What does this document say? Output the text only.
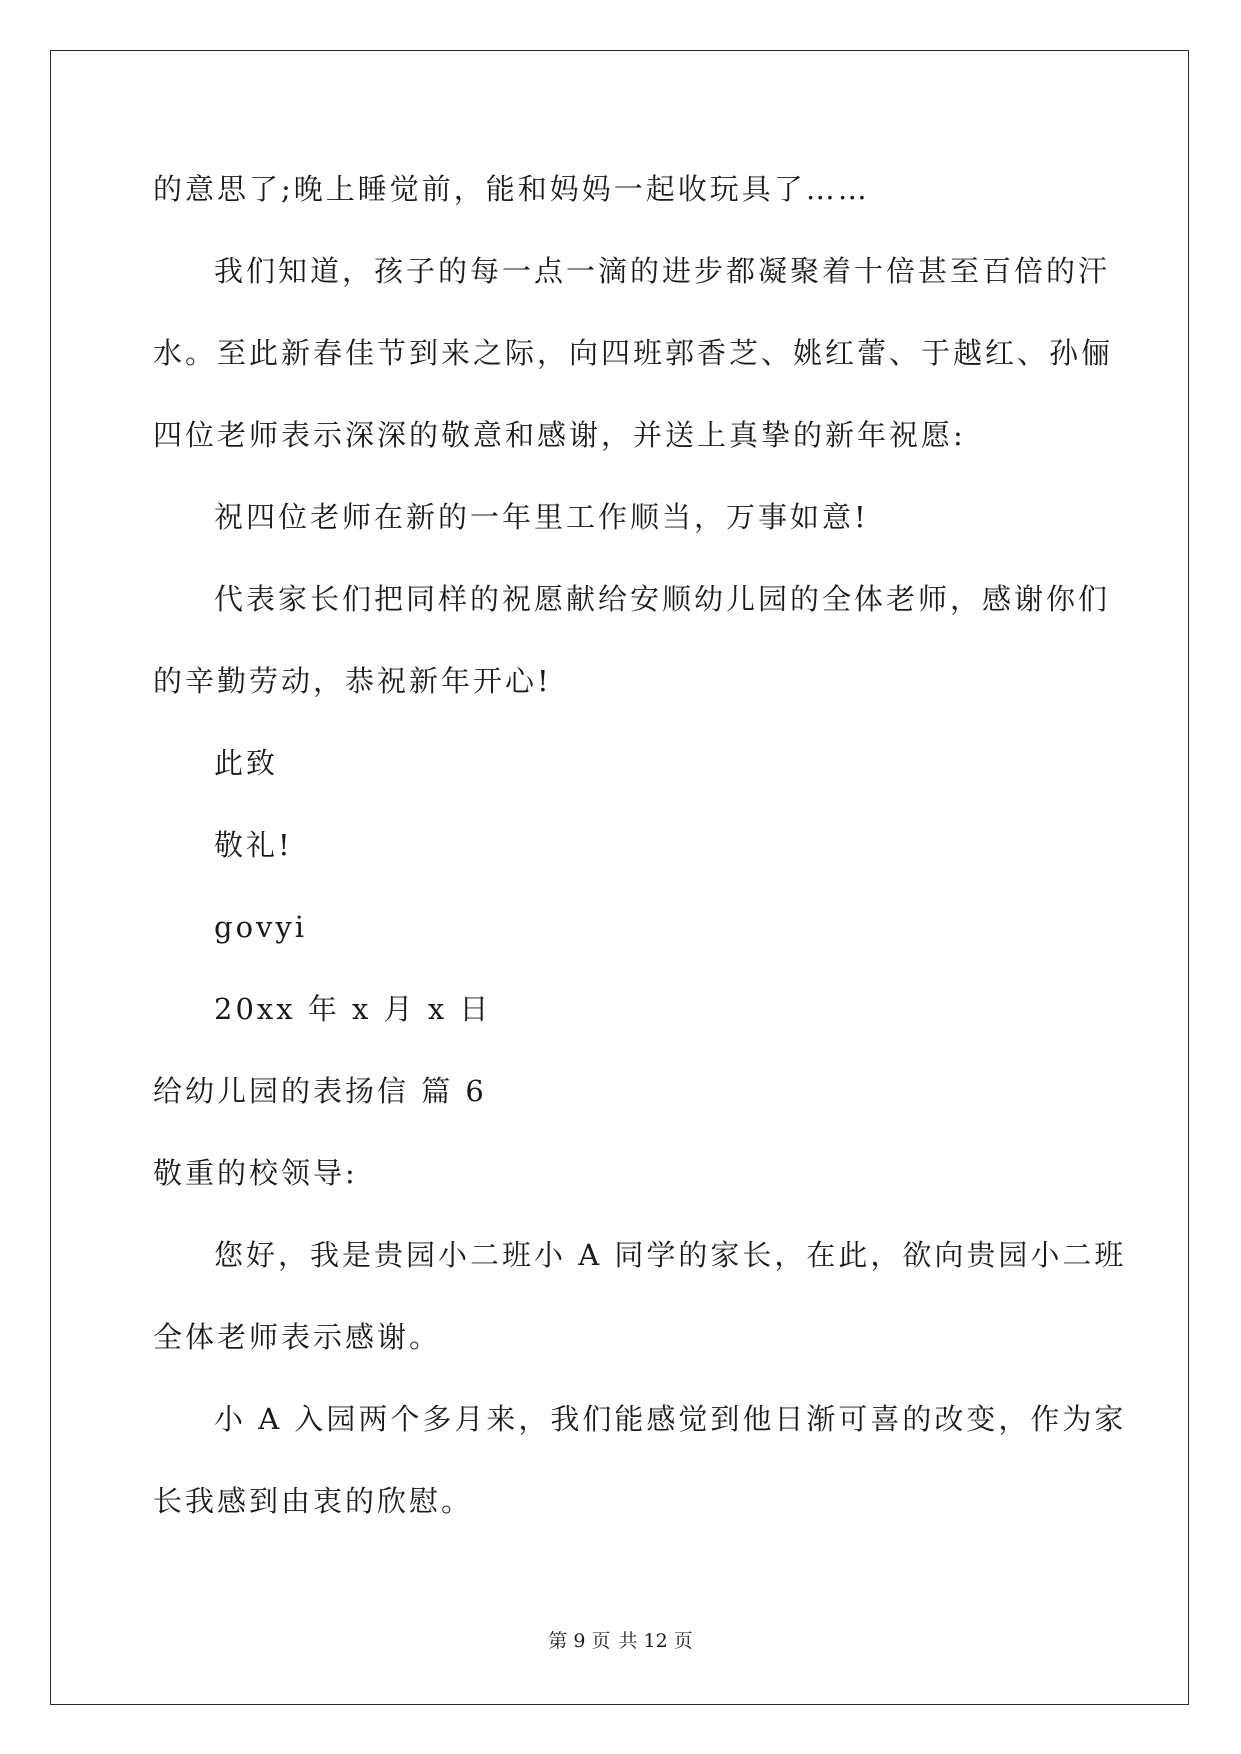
的意思了;晚上睡觉前，能和妈妈一起收玩具了……

我们知道，孩子的每一点一滴的进步都凝聚着十倍甚至百倍的汗

水。至此新春佳节到来之际，向四班郭香芝、姚红蕾、于越红、孙俪

四位老师表示深深的敬意和感谢，并送上真挚的新年祝愿:

祝四位老师在新的一年里工作顺当，万事如意!

代表家长们把同样的祝愿献给安顺幼儿园的全体老师，感谢你们

的辛勤劳动，恭祝新年开心!

此致

敬礼!

govyi

20xx 年 x 月 x 日

给幼儿园的表扬信 篇 6

敬重的校领导:

您好，我是贵园小二班小 A 同学的家长，在此，欲向贵园小二班

全体老师表示感谢。

小 A 入园两个多月来，我们能感觉到他日渐可喜的改变，作为家

长我感到由衷的欣慰。

第 9 页 共 12 页
